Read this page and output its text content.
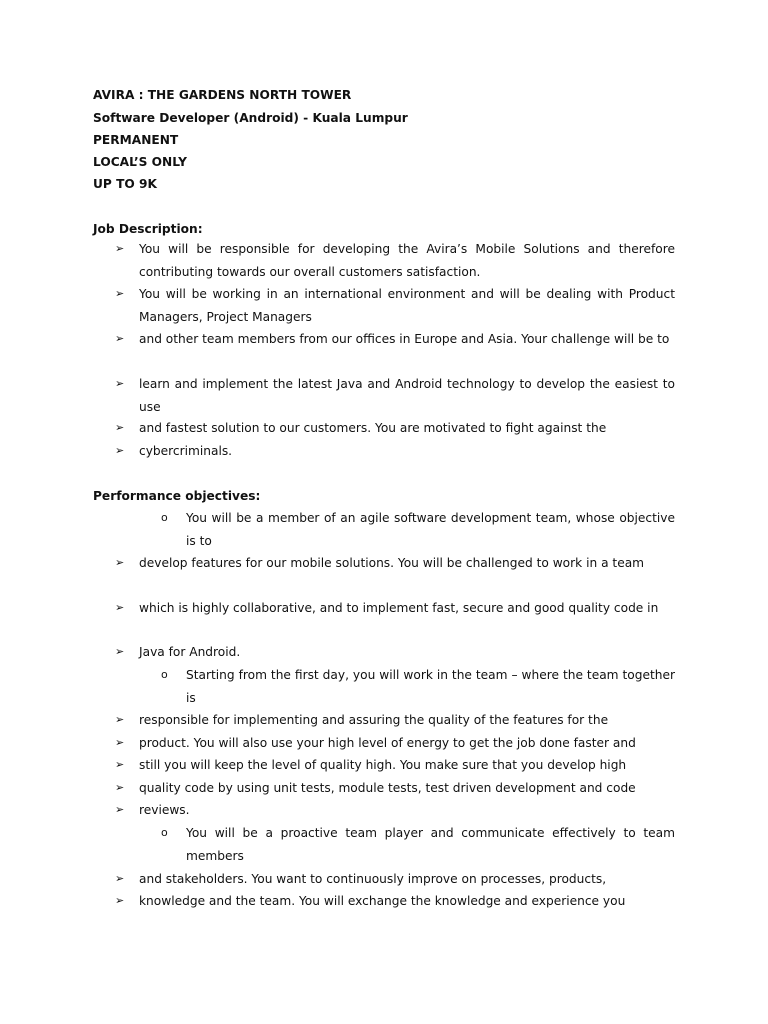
AVIRA : THE GARDENS NORTH TOWER
Software Developer (Android) - Kuala Lumpur
PERMANENT
LOCAL’S ONLY
UP TO 9K
Job Description:
➢ You will be responsible for developing the Avira’s Mobile Solutions and therefore contributing towards our overall customers satisfaction.
➢ You will be working in an international environment and will be dealing with Product Managers, Project Managers
➢ and other team members from our offices in Europe and Asia. Your challenge will be to
➢ learn and implement the latest Java and Android technology to develop the easiest to use
➢ and fastest solution to our customers. You are motivated to fight against the
➢ cybercriminals.
Performance objectives:
o You will be a member of an agile software development team, whose objective is to
➢ develop features for our mobile solutions. You will be challenged to work in a team
➢ which is highly collaborative, and to implement fast, secure and good quality code in
➢ Java for Android.
o Starting from the first day, you will work in the team – where the team together is
➢ responsible for implementing and assuring the quality of the features for the
➢ product. You will also use your high level of energy to get the job done faster and
➢ still you will keep the level of quality high. You make sure that you develop high
➢ quality code by using unit tests, module tests, test driven development and code
➢ reviews.
o You will be a proactive team player and communicate effectively to team members
➢ and stakeholders. You want to continuously improve on processes, products,
➢ knowledge and the team. You will exchange the knowledge and experience you
